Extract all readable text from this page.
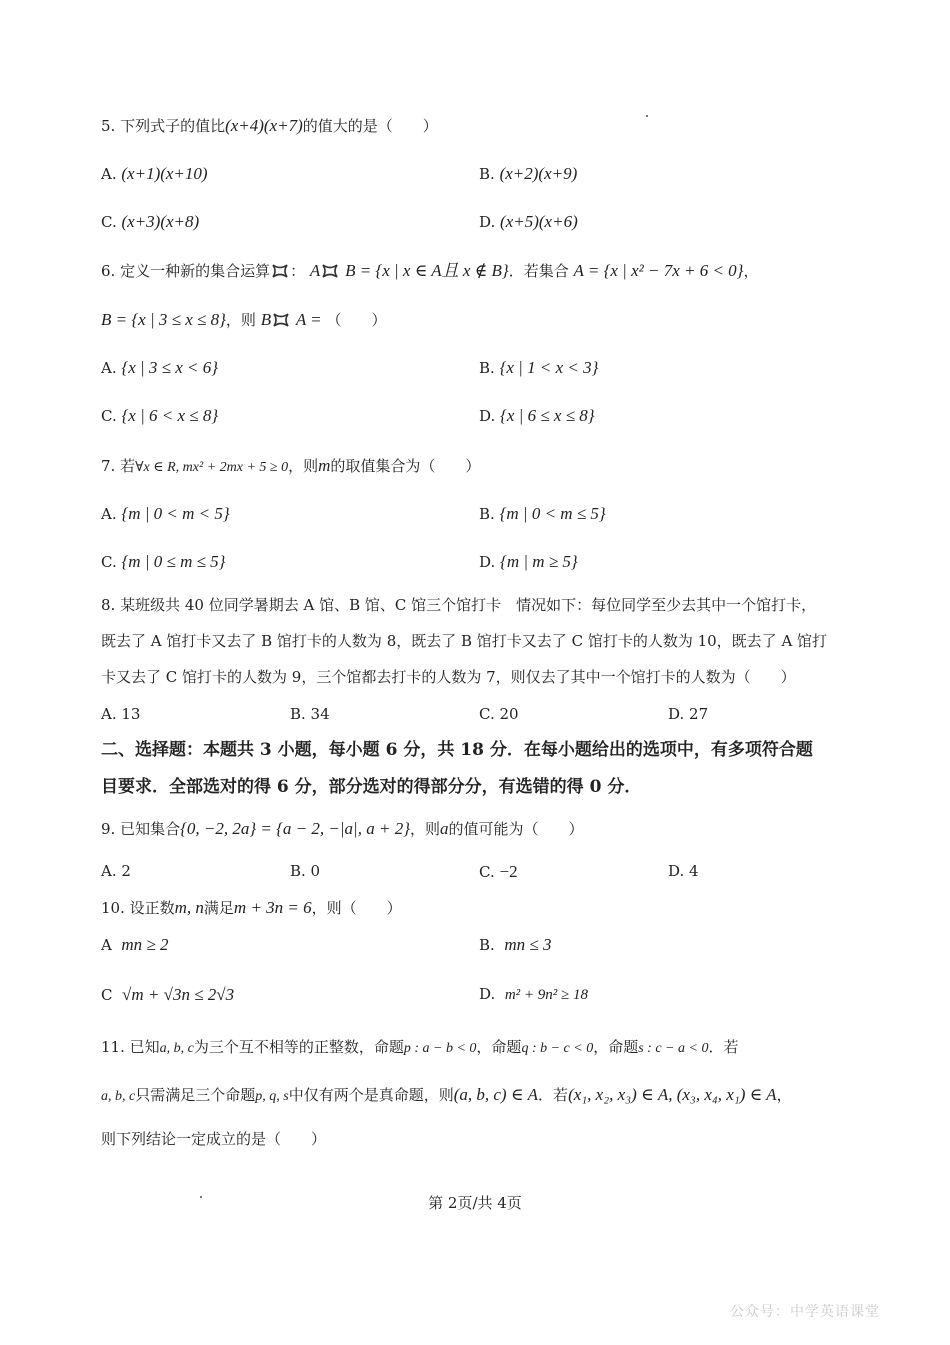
5. 下列式子的值比(x+4)(x+7)的值大的是（　　）
A. (x+1)(x+10)	B. (x+2)(x+9)
C. (x+3)(x+8)	D. (x+5)(x+6)
6. 定义一种新的集合运算 ： A B = {x | x ∈ A且 x ∉ B}．若集合 A = {x | x² − 7x + 6 < 0}，
B = {x | 3 ≤ x ≤ 8}，则 B A = （　　）
A. {x | 3 ≤ x < 6}	B. {x | 1 < x < 3}
C. {x | 6 < x ≤ 8}	D. {x | 6 ≤ x ≤ 8}
7. 若∀x ∈ R, mx² + 2mx + 5 ≥ 0，则m的取值集合为（　　）
A. {m | 0 < m < 5}	B. {m | 0 < m ≤ 5}
C. {m | 0 ≤ m ≤ 5}	D. {m | m ≥ 5}
8. 某班级共 40 位同学暑期去 A 馆、B 馆、C 馆三个馆打卡　情况如下：每位同学至少去其中一个馆打卡，
既去了 A 馆打卡又去了 B 馆打卡的人数为 8，既去了 B 馆打卡又去了 C 馆打卡的人数为 10，既去了 A 馆打
卡又去了 C 馆打卡的人数为 9，三个馆都去打卡的人数为 7，则仅去了其中一个馆打卡的人数为（　　）
A. 13	B. 34	C. 20	D. 27
二、选择题：本题共 3 小题，每小题 6 分，共 18 分．在每小题给出的选项中，有多项符合题
目要求．全部选对的得 6 分，部分选对的得部分分，有选错的得 0 分．
9. 已知集合{0, −2, 2a} = {a − 2, −|a|, a + 2}，则a的值可能为（　　）
A. 2	B. 0	C. −2	D. 4
10. 设正数m, n满足m + 3n = 6，则（　　）
A mn ≥ 2	B. mn ≤ 3
C √m + √3n ≤ 2√3	D. m² + 9n² ≥ 18
11. 已知a, b, c为三个互不相等的正整数，命题p : a − b < 0，命题q : b − c < 0，命题s : c − a < 0．若
a, b, c只需满足三个命题p, q, s中仅有两个是真命题，则(a, b, c) ∈ A．若(x₁, x₂, x₃) ∈ A, (x₃, x₄, x₁) ∈ A，
则下列结论一定成立的是（　　）
第 2页/共 4页
公众号：中学英语课堂
